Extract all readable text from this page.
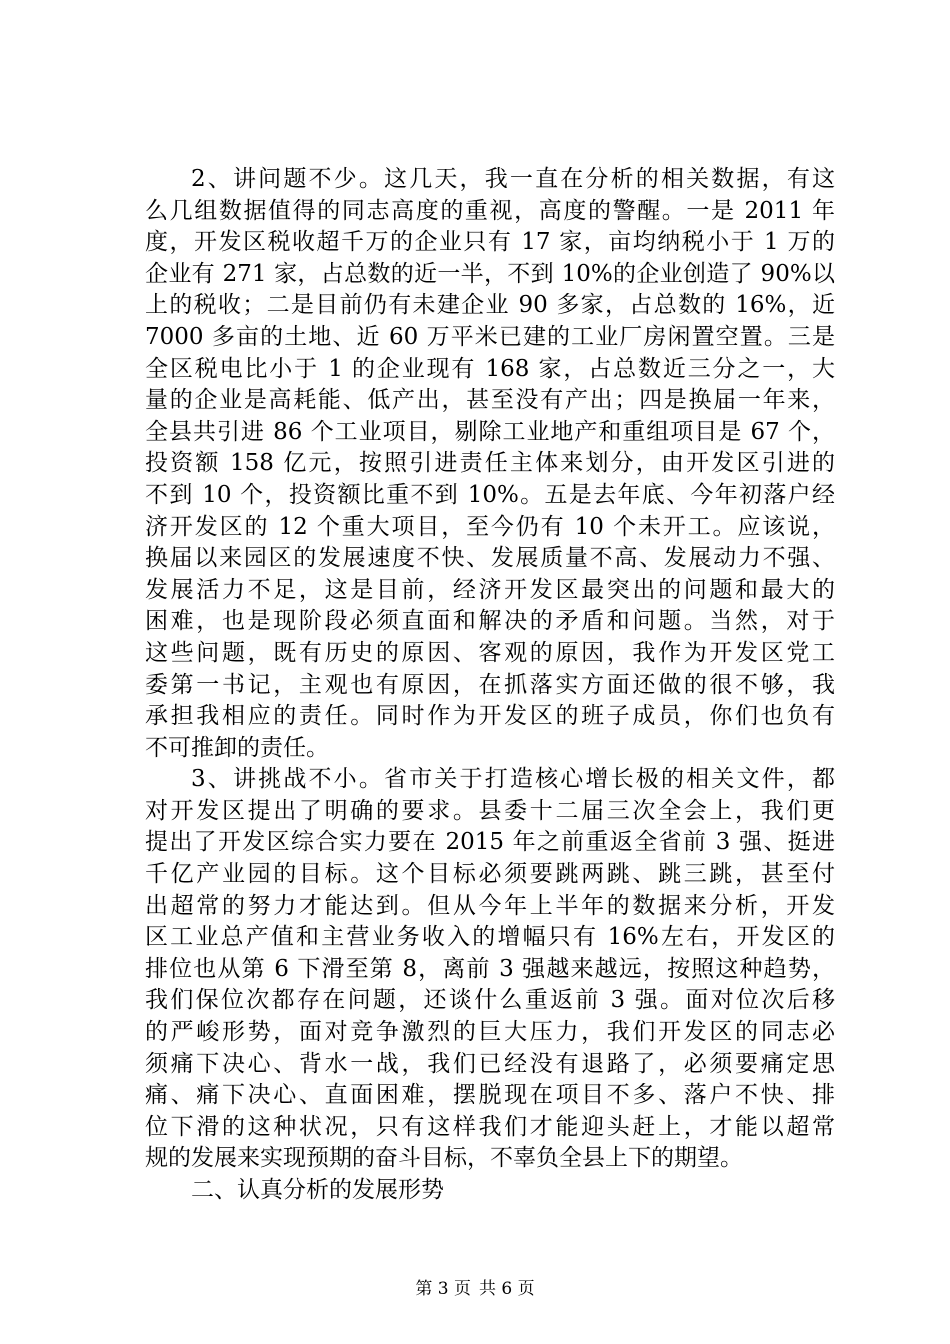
2、讲问题不少。这几天，我一直在分析的相关数据，有这
么几组数据值得的同志高度的重视，高度的警醒。一是 2011 年
度，开发区税收超千万的企业只有 17 家，亩均纳税小于 1 万的
企业有 271 家，占总数的近一半，不到 10%的企业创造了 90%以
上的税收；二是目前仍有未建企业 90 多家，占总数的 16%，近
7000 多亩的土地、近 60 万平米已建的工业厂房闲置空置。三是
全区税电比小于 1 的企业现有 168 家，占总数近三分之一，大
量的企业是高耗能、低产出，甚至没有产出；四是换届一年来，
全县共引进 86 个工业项目，剔除工业地产和重组项目是 67 个，
投资额 158 亿元，按照引进责任主体来划分，由开发区引进的
不到 10 个，投资额比重不到 10%。五是去年底、今年初落户经
济开发区的 12 个重大项目，至今仍有 10 个未开工。应该说，
换届以来园区的发展速度不快、发展质量不高、发展动力不强、
发展活力不足，这是目前，经济开发区最突出的问题和最大的
困难，也是现阶段必须直面和解决的矛盾和问题。当然，对于
这些问题，既有历史的原因、客观的原因，我作为开发区党工
委第一书记，主观也有原因，在抓落实方面还做的很不够，我
承担我相应的责任。同时作为开发区的班子成员，你们也负有
不可推卸的责任。
3、讲挑战不小。省市关于打造核心增长极的相关文件，都
对开发区提出了明确的要求。县委十二届三次全会上，我们更
提出了开发区综合实力要在 2015 年之前重返全省前 3 强、挺进
千亿产业园的目标。这个目标必须要跳两跳、跳三跳，甚至付
出超常的努力才能达到。但从今年上半年的数据来分析，开发
区工业总产值和主营业务收入的增幅只有 16%左右，开发区的
排位也从第 6 下滑至第 8，离前 3 强越来越远，按照这种趋势，
我们保位次都存在问题，还谈什么重返前 3 强。面对位次后移
的严峻形势，面对竞争激烈的巨大压力，我们开发区的同志必
须痛下决心、背水一战，我们已经没有退路了，必须要痛定思
痛、痛下决心、直面困难，摆脱现在项目不多、落户不快、排
位下滑的这种状况，只有这样我们才能迎头赶上，才能以超常
规的发展来实现预期的奋斗目标，不辜负全县上下的期望。
二、认真分析的发展形势
第 3 页 共 6 页
